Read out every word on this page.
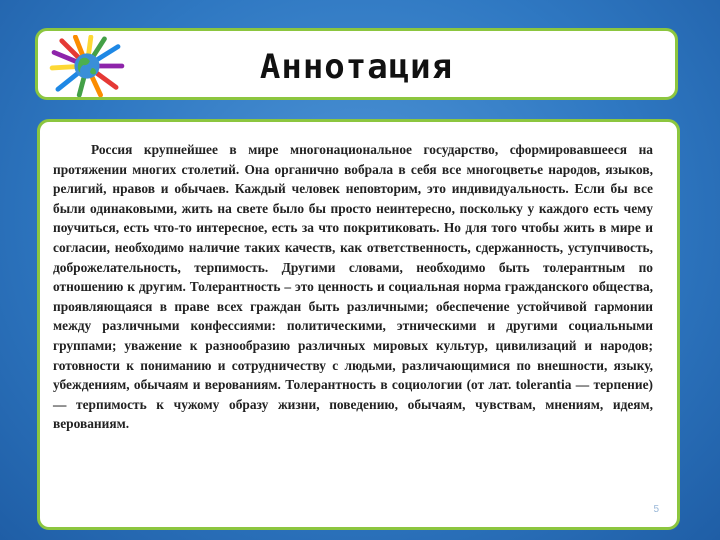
Аннотация

Россия крупнейшее в мире многонациональное государство, сформировавшееся на протяжении многих столетий. Она органично вобрала в себя все многоцветье народов, языков, религий, нравов и обычаев. Каждый человек неповторим, это индивидуальность. Если бы все были одинаковыми, жить на свете было бы просто неинтересно, поскольку у каждого есть чему поучиться, есть что-то интересное, есть за что покритиковать. Но для того чтобы жить в мире и согласии, необходимо наличие таких качеств, как ответственность, сдержанность, уступчивость, доброжелательность, терпимость. Другими словами, необходимо быть толерантным по отношению к другим. Толерантность – это ценность и социальная норма гражданского общества, проявляющаяся в праве всех граждан быть различными; обеспечение устойчивой гармонии между различными конфессиями: политическими, этническими и другими социальными группами; уважение к разнообразию различных мировых культур, цивилизаций и народов; готовности к пониманию и сотрудничеству с людьми, различающимися по внешности, языку, убеждениям, обычаям и верованиям. Толерантность в социологии (от лат. tolerantia — терпение) — терпимость к чужому образу жизни, поведению, обычаям, чувствам, мнениям, идеям, верованиям.

5
